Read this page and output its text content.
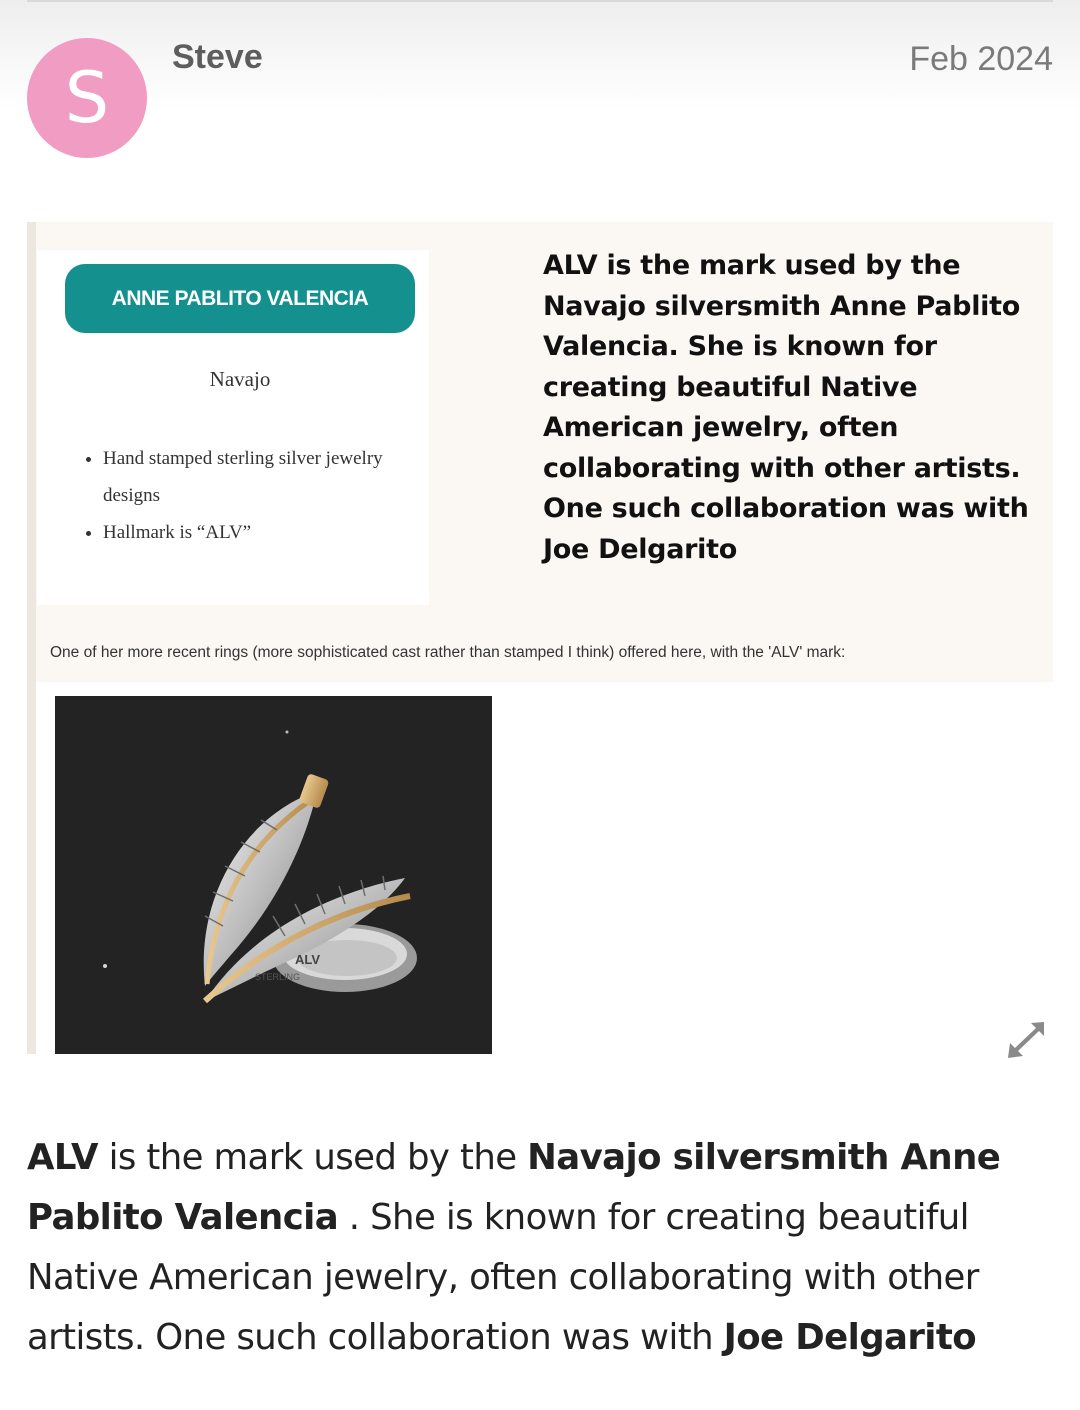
S Steve	Feb 2024
ANNE PABLITO VALENCIA
Navajo
• Hand stamped sterling silver jewelry designs
• Hallmark is “ALV”
ALV is the mark used by the Navajo silversmith Anne Pablito Valencia. She is known for creating beautiful Native American jewelry, often collaborating with other artists. One such collaboration was with Joe Delgarito
One of her more recent rings (more sophisticated cast rather than stamped I think) offered here, with the 'ALV' mark:
ALV
STERLING
ALV is the mark used by the Navajo silversmith Anne Pablito Valencia . She is known for creating beautiful Native American jewelry, often collaborating with other artists. One such collaboration was with Joe Delgarito
